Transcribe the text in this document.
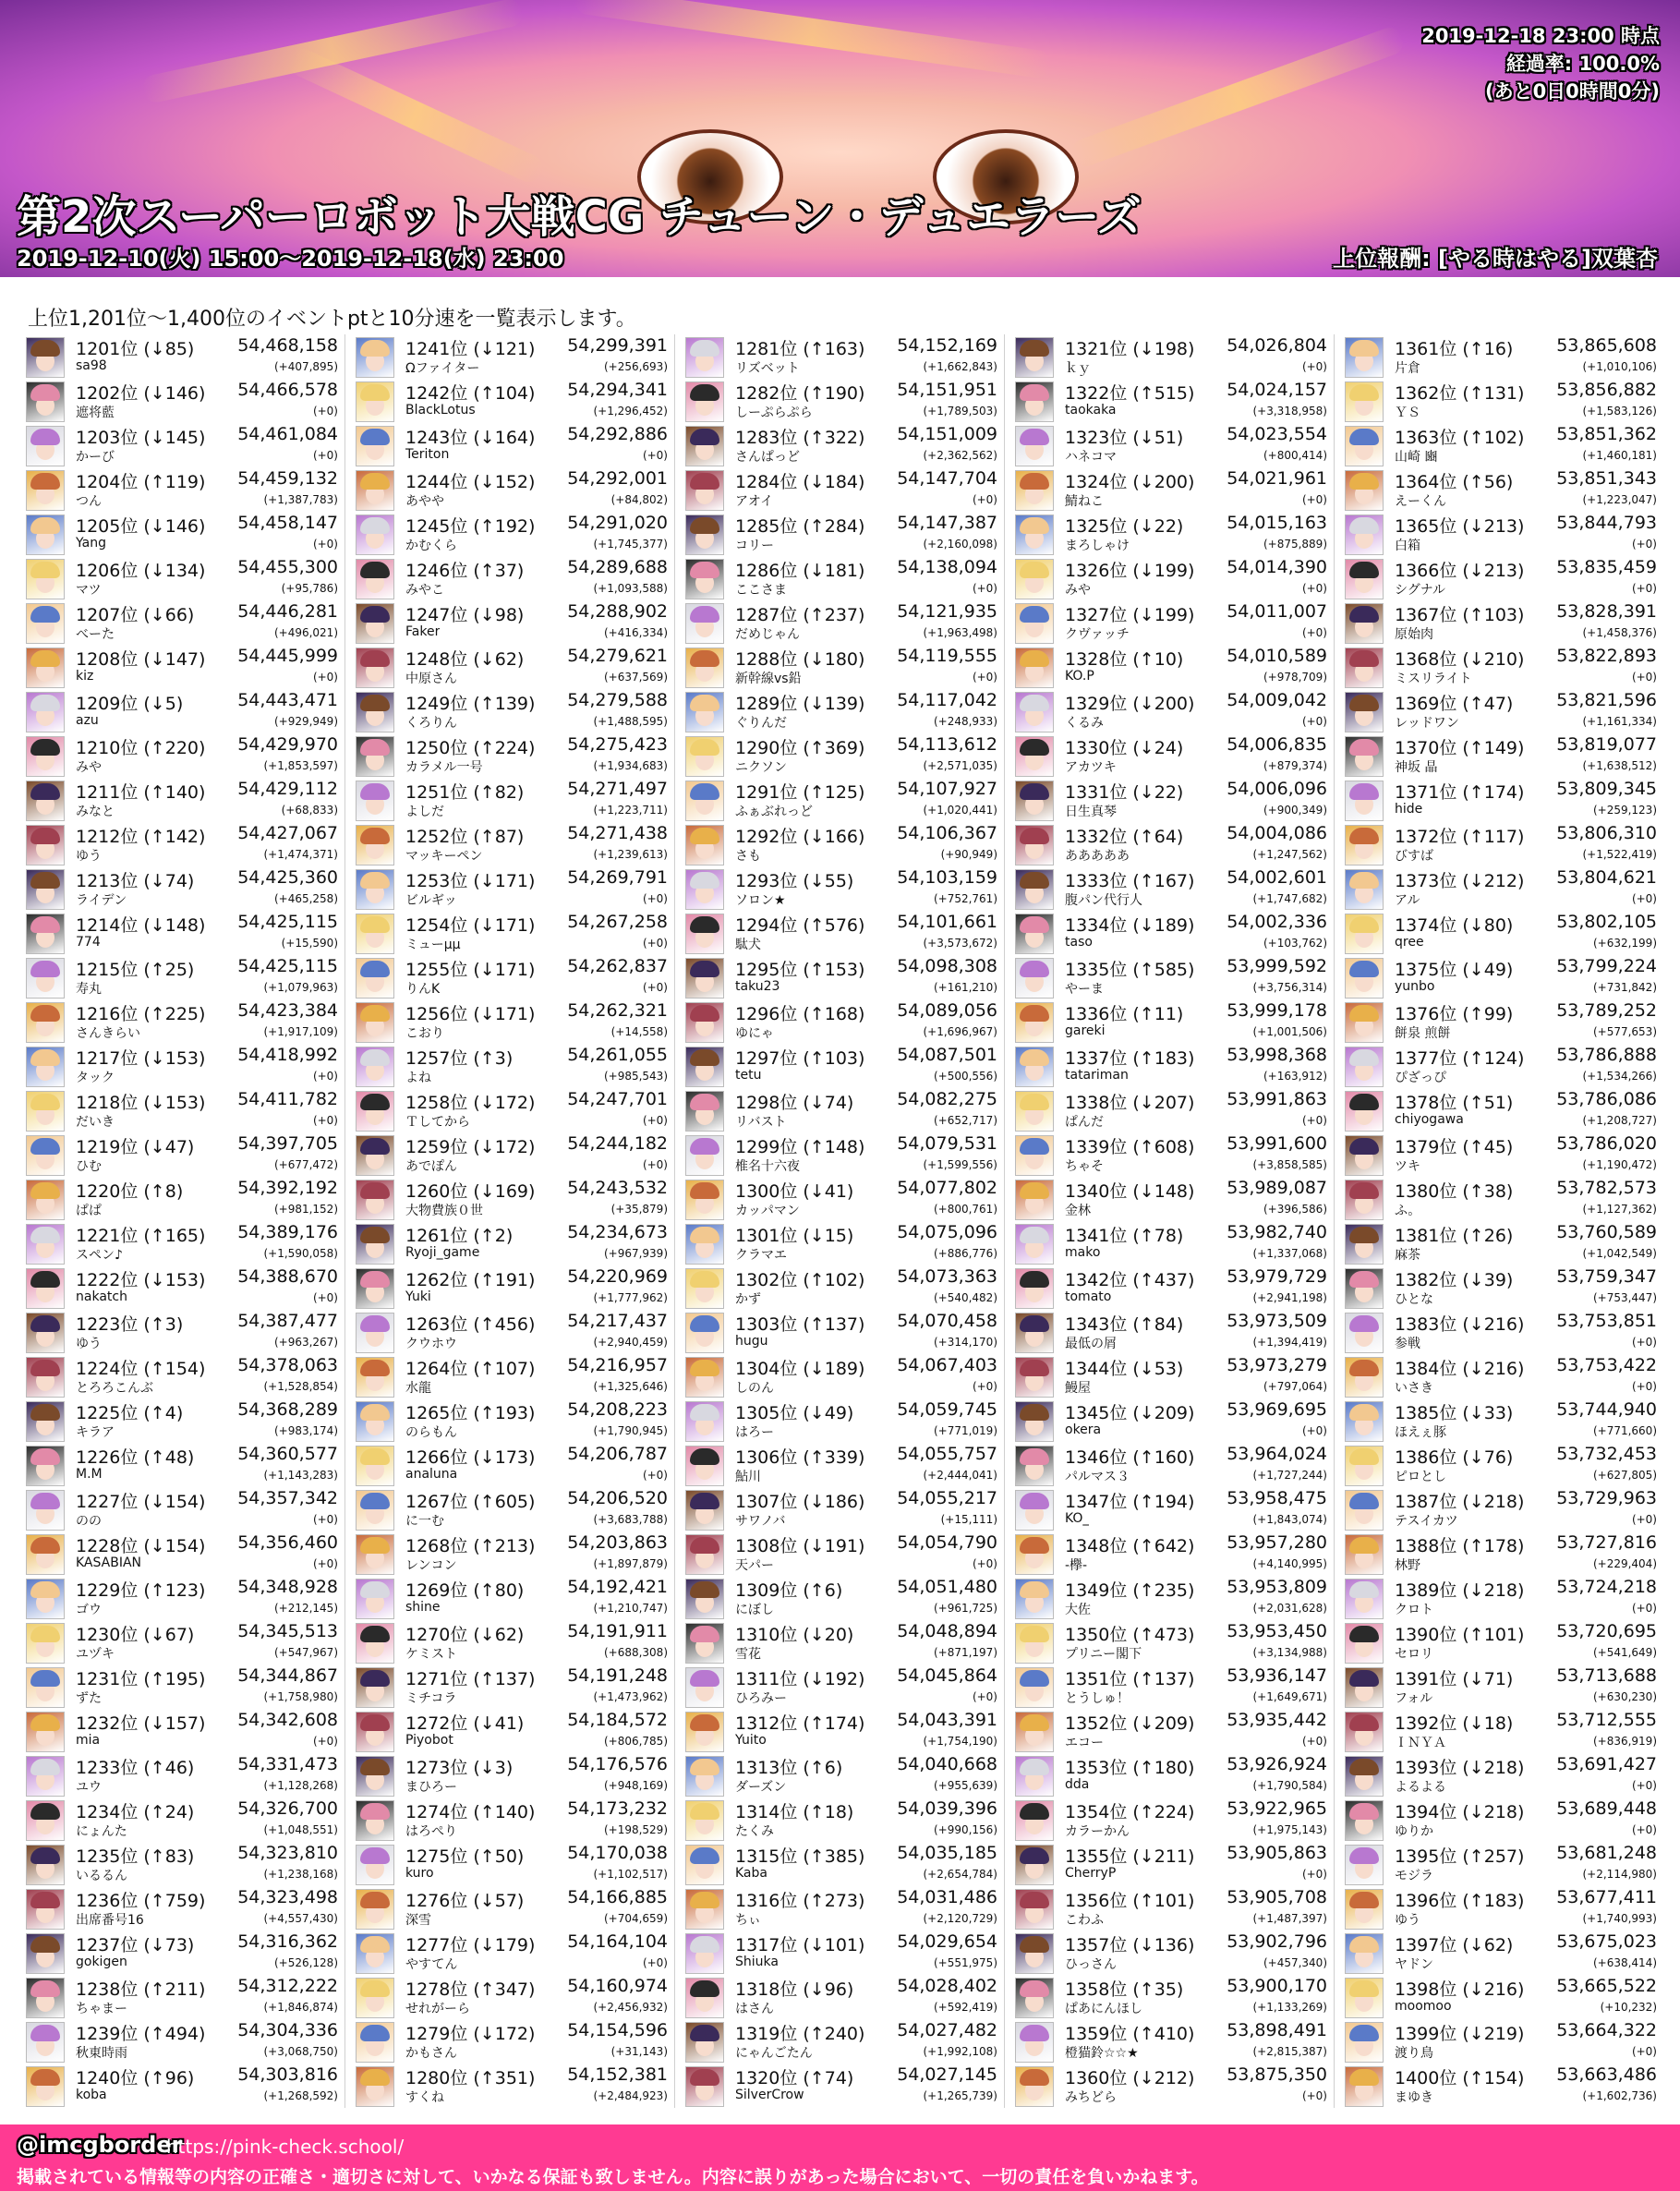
2019-12-18 23:00 時点
経過率: 100.0%
(あと0日0時間0分)
第2次スーパーロボット大戦CG チューン・デュエラーズ
2019-12-10(火) 15:00～2019-12-18(水) 23:00	上位報酬: [やる時はやる]双葉杏
上位1,201位～1,400位のイベントptと10分速を一覧表示します。
1201位 (↓85) 54,468,158
sa98	(+407,895)
1202位 (↓146) 54,466,578
遮将藍	(+0)
1203位 (↓145) 54,461,084
かーび	(+0)
1204位 (↑119) 54,459,132
つん	(+1,387,783)
1205位 (↓146) 54,458,147
Yang	(+0)
1206位 (↓134) 54,455,300
マツ	(+95,786)
1207位 (↓66) 54,446,281
べーた	(+496,021)
1208位 (↓147) 54,445,999
kiz	(+0)
1209位 (↓5)	54,443,471
azu	(+929,949)
1210位 (↑220) 54,429,970
みや	(+1,853,597)
1211位 (↑140) 54,429,112
みなと	(+68,833)
1212位 (↑142) 54,427,067
ゆう	(+1,474,371)
1213位 (↓74) 54,425,360
ライデン	(+465,258)
1214位 (↓148) 54,425,115
774	(+15,590)
1215位 (↑25) 54,425,115
寿丸	(+1,079,963)
1216位 (↑225) 54,423,384
さんきらい	(+1,917,109)
1217位 (↓153) 54,418,992
タック	(+0)
1218位 (↓153) 54,411,782
だいき	(+0)
1219位 (↓47) 54,397,705
ひむ	(+677,472)
1220位 (↑8)	54,392,192
ぱぱ	(+981,152)
1221位 (↑165) 54,389,176
スペン♪	(+1,590,058)
1222位 (↓153) 54,388,670
nakatch	(+0)
1223位 (↑3)	54,387,477
ゆう	(+963,267)
1224位 (↑154) 54,378,063
とろろこんぶ	(+1,528,854)
1225位 (↑4)	54,368,289
キラア	(+983,174)
1226位 (↑48) 54,360,577
M.M	(+1,143,283)
1227位 (↓154) 54,357,342
のの	(+0)
1228位 (↓154) 54,356,460
KASABIAN	(+0)
1229位 (↑123) 54,348,928
ゴウ	(+212,145)
1230位 (↓67) 54,345,513
ユヅキ	(+547,967)
1231位 (↑195) 54,344,867
ずた	(+1,758,980)
1232位 (↓157) 54,342,608
mia	(+0)
1233位 (↑46) 54,331,473
ユウ	(+1,128,268)
1234位 (↑24) 54,326,700
にょんた	(+1,048,551)
1235位 (↑83) 54,323,810
いるるん	(+1,238,168)
1236位 (↑759) 54,323,498
出席番号16	(+4,557,430)
1237位 (↓73) 54,316,362
gokigen	(+526,128)
1238位 (↑211) 54,312,222
ちゃまー	(+1,846,874)
1239位 (↑494) 54,304,336
秋東時雨	(+3,068,750)
1240位 (↑96) 54,303,816
koba	(+1,268,592)
1241位 (↓121) 54,299,391
Ωファイター	(+256,693)
1242位 (↑104) 54,294,341
BlackLotus	(+1,296,452)
1243位 (↓164) 54,292,886
Teriton	(+0)
1244位 (↓152) 54,292,001
あやや	(+84,802)
1245位 (↑192) 54,291,020
かむくら	(+1,745,377)
1246位 (↑37) 54,289,688
みやこ	(+1,093,588)
1247位 (↓98) 54,288,902
Faker	(+416,334)
1248位 (↓62) 54,279,621
中原さん	(+637,569)
1249位 (↑139) 54,279,588
くろりん	(+1,488,595)
1250位 (↑224) 54,275,423
カラメル一号	(+1,934,683)
1251位 (↑82) 54,271,497
よしだ	(+1,223,711)
1252位 (↑87) 54,271,438
マッキーペン	(+1,239,613)
1253位 (↓171) 54,269,791
ビルギッ	(+0)
1254位 (↓171) 54,267,258
ミューμμ	(+0)
1255位 (↓171) 54,262,837
りんK	(+0)
1256位 (↓171) 54,262,321
こおり	(+14,558)
1257位 (↑3)	54,261,055
よね	(+985,543)
1258位 (↓172) 54,247,701
Ｔしてから	(+0)
1259位 (↓172) 54,244,182
あでぽん	(+0)
1260位 (↓169) 54,243,532
大物費族０世	(+35,879)
1261位 (↑2)	54,234,673
Ryoji_game	(+967,939)
1262位 (↑191) 54,220,969
Yuki	(+1,777,962)
1263位 (↑456) 54,217,437
クウホウ	(+2,940,459)
1264位 (↑107) 54,216,957
水龍	(+1,325,646)
1265位 (↑193) 54,208,223
のらもん	(+1,790,945)
1266位 (↓173) 54,206,787
analuna	(+0)
1267位 (↑605) 54,206,520
に一む	(+3,683,788)
1268位 (↑213) 54,203,863
レンコン	(+1,897,879)
1269位 (↑80) 54,192,421
shine	(+1,210,747)
1270位 (↓62) 54,191,911
ケミスト	(+688,308)
1271位 (↑137) 54,191,248
ミチコラ	(+1,473,962)
1272位 (↓41) 54,184,572
Piyobot	(+806,785)
1273位 (↓3)	54,176,576
まひろー	(+948,169)
1274位 (↑140) 54,173,232
はろぺり	(+198,529)
1275位 (↑50) 54,170,038
kuro	(+1,102,517)
1276位 (↓57) 54,166,885
深雪	(+704,659)
1277位 (↓179) 54,164,104
やすてん	(+0)
1278位 (↑347) 54,160,974
せれがーら	(+2,456,932)
1279位 (↓172) 54,154,596
かもさん	(+31,143)
1280位 (↑351) 54,152,381
すくね	(+2,484,923)
1281位 (↑163) 54,152,169
リズベット	(+1,662,843)
1282位 (↑190) 54,151,951
しーぷらぷら	(+1,789,503)
1283位 (↑322) 54,151,009
さんぱっど	(+2,362,562)
1284位 (↓184) 54,147,704
アオイ	(+0)
1285位 (↑284) 54,147,387
コリー	(+2,160,098)
1286位 (↓181) 54,138,094
ここさま	(+0)
1287位 (↑237) 54,121,935
だめじゃん	(+1,963,498)
1288位 (↓180) 54,119,555
新幹線vs鉛	(+0)
1289位 (↓139) 54,117,042
ぐりんだ	(+248,933)
1290位 (↑369) 54,113,612
ニクソン	(+2,571,035)
1291位 (↑125) 54,107,927
ふぁぶれっど	(+1,020,441)
1292位 (↓166) 54,106,367
さも	(+90,949)
1293位 (↓55) 54,103,159
ソロン★	(+752,761)
1294位 (↑576) 54,101,661
駄犬	(+3,573,672)
1295位 (↑153) 54,098,308
taku23	(+161,210)
1296位 (↑168) 54,089,056
ゆにゃ	(+1,696,967)
1297位 (↑103) 54,087,501
tetu	(+500,556)
1298位 (↓74) 54,082,275
リバスト	(+652,717)
1299位 (↑148) 54,079,531
椎名十六夜	(+1,599,556)
1300位 (↓41) 54,077,802
カッパマン	(+800,761)
1301位 (↓15) 54,075,096
クラマエ	(+886,776)
1302位 (↑102) 54,073,363
かず	(+540,482)
1303位 (↑137) 54,070,458
hugu	(+314,170)
1304位 (↓189) 54,067,403
しのん	(+0)
1305位 (↓49) 54,059,745
はろー	(+771,019)
1306位 (↑339) 54,055,757
鮎川	(+2,444,041)
1307位 (↓186) 54,055,217
サワノバ	(+15,111)
1308位 (↓191) 54,054,790
天パー	(+0)
1309位 (↑6)	54,051,480
にぼし	(+961,725)
1310位 (↓20) 54,048,894
雪花	(+871,197)
1311位 (↓192) 54,045,864
ひろみー	(+0)
1312位 (↑174) 54,043,391
Yuito	(+1,754,190)
1313位 (↑6)	54,040,668
ダーズン	(+955,639)
1314位 (↑18) 54,039,396
たくみ	(+990,156)
1315位 (↑385) 54,035,185
Kaba	(+2,654,784)
1316位 (↑273) 54,031,486
ちぃ	(+2,120,729)
1317位 (↓101) 54,029,654
Shiuka	(+551,975)
1318位 (↓96) 54,028,402
はさん	(+592,419)
1319位 (↑240) 54,027,482
にゃんごたん	(+1,992,108)
1320位 (↑74) 54,027,145
SilverCrow	(+1,265,739)
1321位 (↓198) 54,026,804
ｋｙ	(+0)
1322位 (↑515) 54,024,157
taokaka	(+3,318,958)
1323位 (↓51) 54,023,554
ハネコマ	(+800,414)
1324位 (↓200) 54,021,961
鯖ねこ	(+0)
1325位 (↓22) 54,015,163
まろしゃけ	(+875,889)
1326位 (↓199) 54,014,390
みや	(+0)
1327位 (↓199) 54,011,007
クヴァッチ	(+0)
1328位 (↑10) 54,010,589
KO.P	(+978,709)
1329位 (↓200) 54,009,042
くるみ	(+0)
1330位 (↓24) 54,006,835
アカツキ	(+879,374)
1331位 (↓22) 54,006,096
日生真琴	(+900,349)
1332位 (↑64) 54,004,086
あああああ	(+1,247,562)
1333位 (↑167) 54,002,601
腹パン代行人	(+1,747,682)
1334位 (↓189) 54,002,336
taso	(+103,762)
1335位 (↑585) 53,999,592
やーま	(+3,756,314)
1336位 (↑11) 53,999,178
gareki	(+1,001,506)
1337位 (↑183) 53,998,368
tatariman	(+163,912)
1338位 (↓207) 53,991,863
ぱんだ	(+0)
1339位 (↑608) 53,991,600
ちゃそ	(+3,858,585)
1340位 (↓148) 53,989,087
金林	(+396,586)
1341位 (↑78) 53,982,740
mako	(+1,337,068)
1342位 (↑437) 53,979,729
tomato	(+2,941,198)
1343位 (↑84) 53,973,509
最低の屑	(+1,394,419)
1344位 (↓53) 53,973,279
鰻屋	(+797,064)
1345位 (↓209) 53,969,695
okera	(+0)
1346位 (↑160) 53,964,024
パルマス３	(+1,727,244)
1347位 (↑194) 53,958,475
KO_	(+1,843,074)
1348位 (↑642) 53,957,280
-欅-	(+4,140,995)
1349位 (↑235) 53,953,809
大佐	(+2,031,628)
1350位 (↑473) 53,953,450
プリニー閣下	(+3,134,988)
1351位 (↑137) 53,936,147
とうしゅ！	(+1,649,671)
1352位 (↓209) 53,935,442
エコー	(+0)
1353位 (↑180) 53,926,924
dda	(+1,790,584)
1354位 (↑224) 53,922,965
カラーかん	(+1,975,143)
1355位 (↓211) 53,905,863
CherryP	(+0)
1356位 (↑101) 53,905,708
こわふ	(+1,487,397)
1357位 (↓136) 53,902,796
ひっさん	(+457,340)
1358位 (↑35) 53,900,170
ぱあにんほし	(+1,133,269)
1359位 (↑410) 53,898,491
橙猫鈴☆☆★	(+2,815,387)
1360位 (↓212) 53,875,350
みちどら	(+0)
1361位 (↑16) 53,865,608
片倉	(+1,010,106)
1362位 (↑131) 53,856,882
ＹＳ	(+1,583,126)
1363位 (↑102) 53,851,362
山崎 豳	(+1,460,181)
1364位 (↑56) 53,851,343
えーくん	(+1,223,047)
1365位 (↓213) 53,844,793
白箱	(+0)
1366位 (↓213) 53,835,459
シグナル	(+0)
1367位 (↑103) 53,828,391
原始肉	(+1,458,376)
1368位 (↓210) 53,822,893
ミスリライト	(+0)
1369位 (↑47) 53,821,596
レッドワン	(+1,161,334)
1370位 (↑149) 53,819,077
神坂 晶	(+1,638,512)
1371位 (↑174) 53,809,345
hide	(+259,123)
1372位 (↑117) 53,806,310
びすば	(+1,522,419)
1373位 (↓212) 53,804,621
アル	(+0)
1374位 (↓80) 53,802,105
qree	(+632,199)
1375位 (↓49) 53,799,224
yunbo	(+731,842)
1376位 (↑99) 53,789,252
餅泉 煎餅	(+577,653)
1377位 (↑124) 53,786,888
ぴざっぴ	(+1,534,266)
1378位 (↑51) 53,786,086
chiyogawa	(+1,208,727)
1379位 (↑45) 53,786,020
ツキ	(+1,190,472)
1380位 (↑38) 53,782,573
ふ。	(+1,127,362)
1381位 (↑26) 53,760,589
麻茶	(+1,042,549)
1382位 (↓39) 53,759,347
ひとな	(+753,447)
1383位 (↓216) 53,753,851
参戦	(+0)
1384位 (↓216) 53,753,422
いさき	(+0)
1385位 (↓33) 53,744,940
ほえぇ豚	(+771,660)
1386位 (↓76) 53,732,453
ピロとし	(+627,805)
1387位 (↓218) 53,729,963
テスイカツ	(+0)
1388位 (↑178) 53,727,816
林野	(+229,404)
1389位 (↓218) 53,724,218
クロト	(+0)
1390位 (↑101) 53,720,695
セロリ	(+541,649)
1391位 (↓71) 53,713,688
フォル	(+630,230)
1392位 (↓18) 53,712,555
ＩＮＹＡ	(+836,919)
1393位 (↓218) 53,691,427
よるよる	(+0)
1394位 (↓218) 53,689,448
ゆりか	(+0)
1395位 (↑257) 53,681,248
モジラ	(+2,114,980)
1396位 (↑183) 53,677,411
ゆう	(+1,740,993)
1397位 (↓62) 53,675,023
ヤドン	(+638,414)
1398位 (↓216) 53,665,522
moomoo	(+10,232)
1399位 (↓219) 53,664,322
渡り鳥	(+0)
1400位 (↑154) 53,663,486
まゆき	(+1,602,736)
@imcgborder
https://pink-check.school/
掲載されている情報等の内容の正確さ・適切さに対して、いかなる保証も致しません。内容に誤りがあった場合において、一切の責任を負いかねます。
